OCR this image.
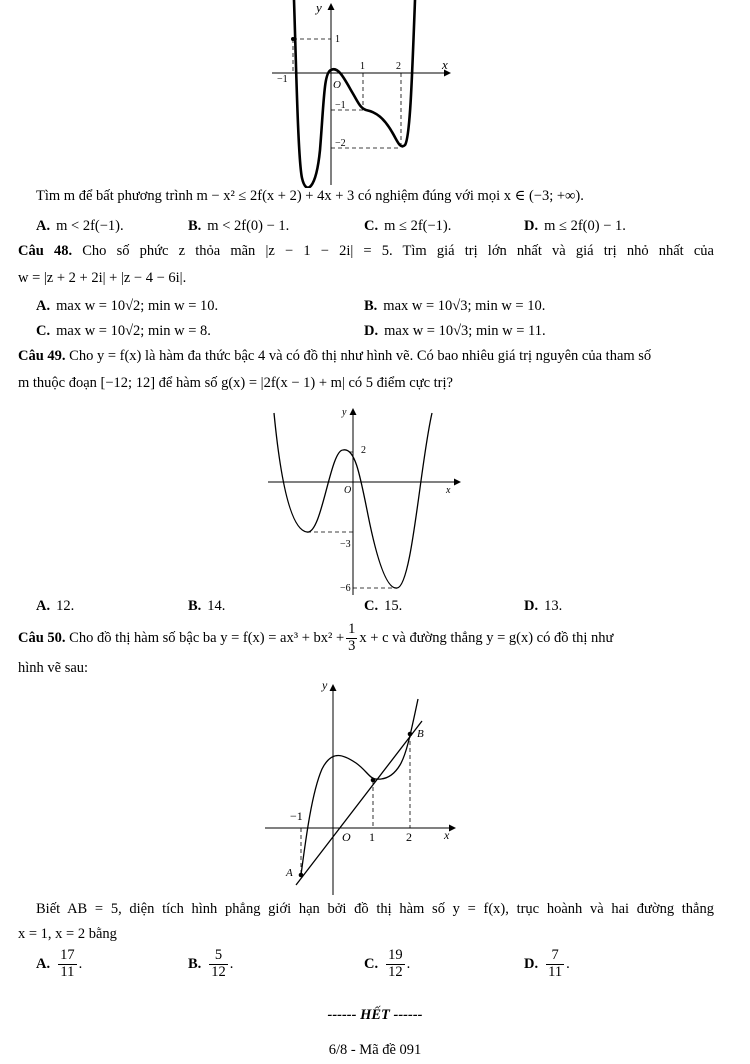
y
x
O
1	2
−1
1
−1
−2
Tìm m để bất phương trình m − x² ≤ 2f(x + 2) + 4x + 3 có nghiệm đúng với mọi x ∈ (−3; +∞).
A. m < 2f(−1).	B. m < 2f(0) − 1.	C. m ≤ 2f(−1).	D. m ≤ 2f(0) − 1.
Câu 48. Cho số phức z thỏa mãn |z − 1 − 2i| = 5. Tìm giá trị lớn nhất và giá trị nhỏ nhất của
w = |z + 2 + 2i| + |z − 4 − 6i|.
A. max w = 10√2; min w = 10.	B. max w = 10√3; min w = 10.
C. max w = 10√2; min w = 8.	D. max w = 10√3; min w = 11.
Câu 49. Cho y = f(x) là hàm đa thức bậc 4 và có đồ thị như hình vẽ. Có bao nhiêu giá trị nguyên của tham số
m thuộc đoạn [−12; 12] để hàm số g(x) = |2f(x − 1) + m| có 5 điểm cực trị?
y
x
O
2
−3
−6
A. 12.	B. 14.	C. 15.	D. 13.
Câu 50. Cho đồ thị hàm số bậc ba $y = f(x) = ax^3 + bx^2 + \frac{1}{3}$ x + c và đường thẳng y = g(x) có đồ thị như
hình vẽ sau:
y
x
O 1	2
−1
A
B
Biết AB = 5, diện tích hình phẳng giới hạn bởi đồ thị hàm số y = f(x), trục hoành và hai đường thẳng
x = 1, x = 2 bằng
A. $\frac{17}{11}$ .	B. $\frac{5}{12}$ .	C. $\frac{19}{12}$ .	D. $\frac{7}{11}$ .
------ HẾT ------
6/8 - Mã đề 091
